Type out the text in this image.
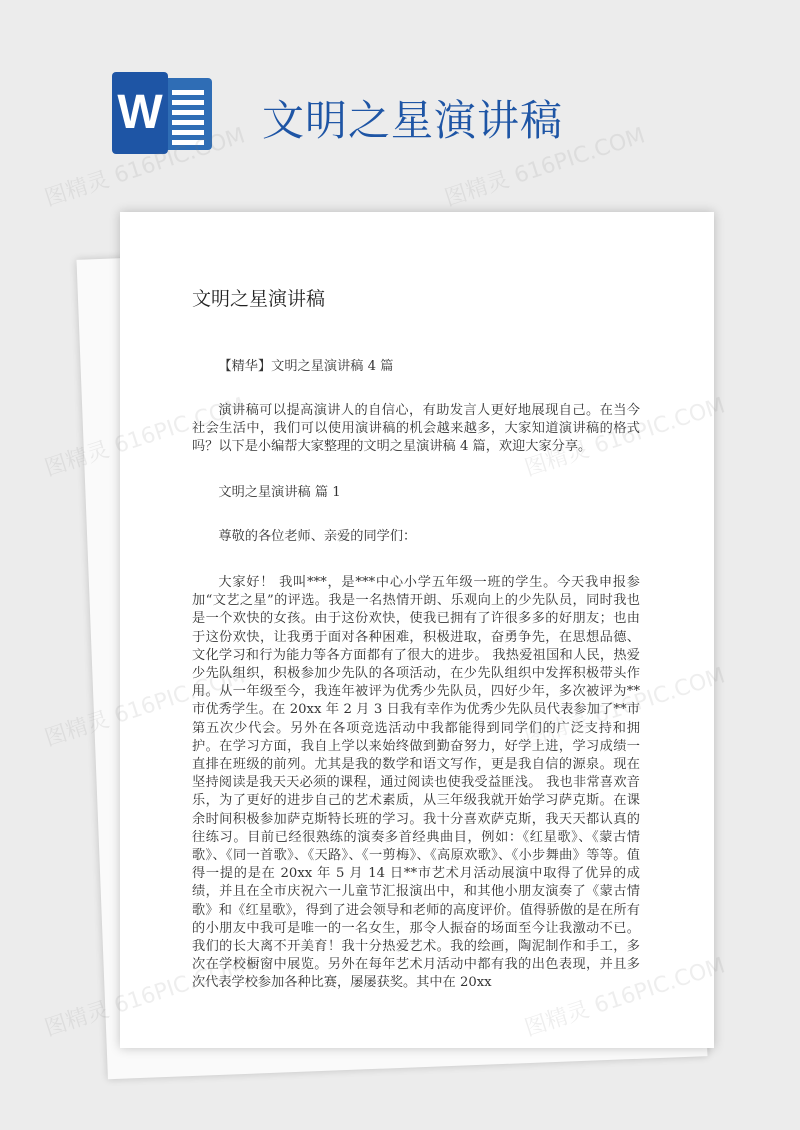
W 文明之星演讲稿
文明之星演讲稿
【精华】文明之星演讲稿 4 篇
演讲稿可以提高演讲人的自信心，有助发言人更好地展现自己。在当今社会生活中，我们可以使用演讲稿的机会越来越多，大家知道演讲稿的格式吗？以下是小编帮大家整理的文明之星演讲稿 4 篇，欢迎大家分享。
文明之星演讲稿 篇 1
尊敬的各位老师、亲爱的同学们：
大家好！ 我叫***，是***中心小学五年级一班的学生。今天我申报参加“文艺之星”的评选。我是一名热情开朗、乐观向上的少先队员，同时我也是一个欢快的女孩。由于这份欢快，使我已拥有了许很多多的好朋友；也由于这份欢快，让我勇于面对各种困难，积极进取，奋勇争先，在思想品德、文化学习和行为能力等各方面都有了很大的进步。 我热爱祖国和人民，热爱少先队组织，积极参加少先队的各项活动，在少先队组织中发挥积极带头作用。从一年级至今，我连年被评为优秀少先队员，四好少年，多次被评为**市优秀学生。在 20xx 年 2 月 3 日我有幸作为优秀少先队员代表参加了**市第五次少代会。另外在各项竞选活动中我都能得到同学们的广泛支持和拥护。在学习方面，我自上学以来始终做到勤奋努力，好学上进，学习成绩一直排在班级的前列。尤其是我的数学和语文写作，更是我自信的源泉。现在坚持阅读是我天天必须的课程，通过阅读也使我受益匪浅。 我也非常喜欢音乐，为了更好的进步自己的艺术素质，从三年级我就开始学习萨克斯。在课余时间积极参加萨克斯特长班的学习。我十分喜欢萨克斯，我天天都认真的往练习。目前已经很熟练的演奏多首经典曲目，例如：《红星歌》、《蒙古情歌》、《同一首歌》、《天路》、《一剪梅》、《高原欢歌》、《小步舞曲》等等。值得一提的是在 20xx 年 5 月 14 日**市艺术月活动展演中取得了优异的成绩，并且在全市庆祝六一儿童节汇报演出中，和其他小朋友演奏了《蒙古情歌》和《红星歌》，得到了进会领导和老师的高度评价。值得骄傲的是在所有的小朋友中我可是唯一的一名女生，那令人振奋的场面至今让我激动不已。我们的长大离不开美育！我十分热爱艺术。我的绘画，陶泥制作和手工，多次在学校橱窗中展览。另外在每年艺术月活动中都有我的出色表现，并且多次代表学校参加各种比赛，屡屡获奖。其中在 20xx
图精灵 616PIC.COM	图精灵 616PIC.COM
图精灵
图精灵
图精灵
